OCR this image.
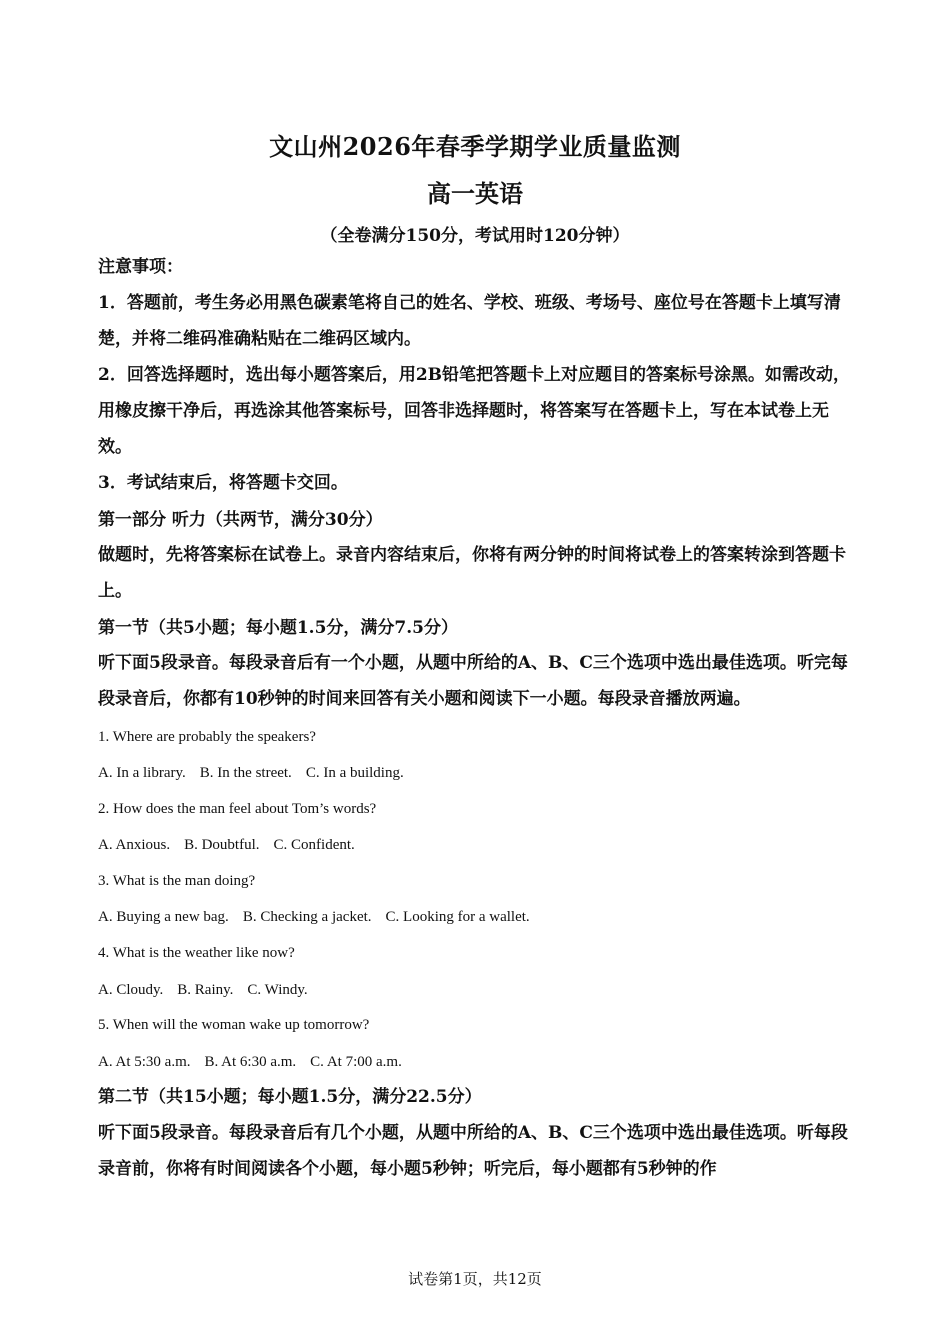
文山州2026年春季学期学业质量监测
高一英语
（全卷满分150分，考试用时120分钟）
注意事项：
1．答题前，考生务必用黑色碳素笔将自己的姓名、学校、班级、考场号、座位号在答题卡上填写清楚，并将二维码准确粘贴在二维码区域内。
2．回答选择题时，选出每小题答案后，用2B铅笔把答题卡上对应题目的答案标号涂黑。如需改动，用橡皮擦干净后，再选涂其他答案标号，回答非选择题时，将答案写在答题卡上，写在本试卷上无效。
3．考试结束后，将答题卡交回。
第一部分 听力（共两节，满分30分）
做题时，先将答案标在试卷上。录音内容结束后，你将有两分钟的时间将试卷上的答案转涂到答题卡上。
第一节（共5小题；每小题1.5分，满分7.5分）
听下面5段录音。每段录音后有一个小题，从题中所给的A、B、C三个选项中选出最佳选项。听完每段录音后，你都有10秒钟的时间来回答有关小题和阅读下一小题。每段录音播放两遍。
1. Where are probably the speakers?
A. In a library. B. In the street. C. In a building.
2. How does the man feel about Tom’s words?
A. Anxious. B. Doubtful. C. Confident.
3. What is the man doing?
A. Buying a new bag. B. Checking a jacket. C. Looking for a wallet.
4. What is the weather like now?
A. Cloudy. B. Rainy. C. Windy.
5. When will the woman wake up tomorrow?
A. At 5:30 a.m. B. At 6:30 a.m. C. At 7:00 a.m.
第二节（共15小题；每小题1.5分，满分22.5分）
听下面5段录音。每段录音后有几个小题，从题中所给的A、B、C三个选项中选出最佳选项。听每段录音前，你将有时间阅读各个小题，每小题5秒钟；听完后，每小题都有5秒钟的作
试卷第1页，共12页
